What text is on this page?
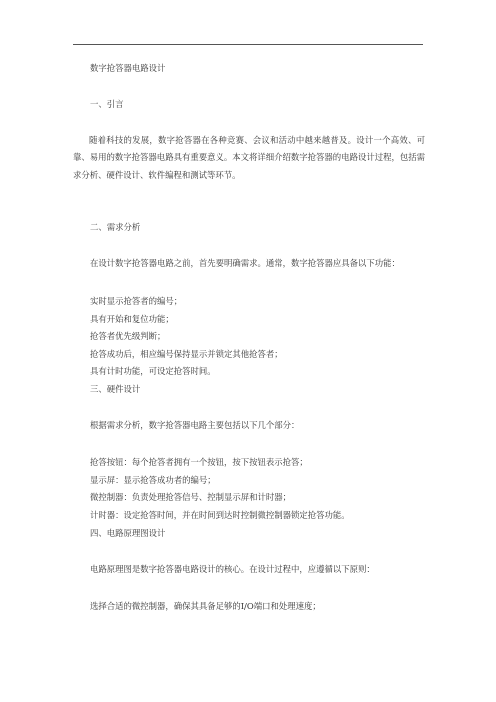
数字抢答器电路设计
一、引言
随着科技的发展，数字抢答器在各种竞赛、会议和活动中越来越普及。设计一个高效、可靠、易用的数字抢答器电路具有重要意义。本文将详细介绍数字抢答器的电路设计过程，包括需求分析、硬件设计、软件编程和测试等环节。
二、需求分析
在设计数字抢答器电路之前，首先要明确需求。通常，数字抢答器应具备以下功能：
实时显示抢答者的编号；
具有开始和复位功能；
抢答者优先级判断；
抢答成功后，相应编号保持显示并锁定其他抢答者；
具有计时功能，可设定抢答时间。
三、硬件设计
根据需求分析，数字抢答器电路主要包括以下几个部分：
抢答按钮：每个抢答者拥有一个按钮，按下按钮表示抢答；
显示屏：显示抢答成功者的编号；
微控制器：负责处理抢答信号、控制显示屏和计时器；
计时器：设定抢答时间，并在时间到达时控制微控制器锁定抢答功能。
四、电路原理图设计
电路原理图是数字抢答器电路设计的核心。在设计过程中，应遵循以下原则：
选择合适的微控制器，确保其具备足够的I/O端口和处理速度；
